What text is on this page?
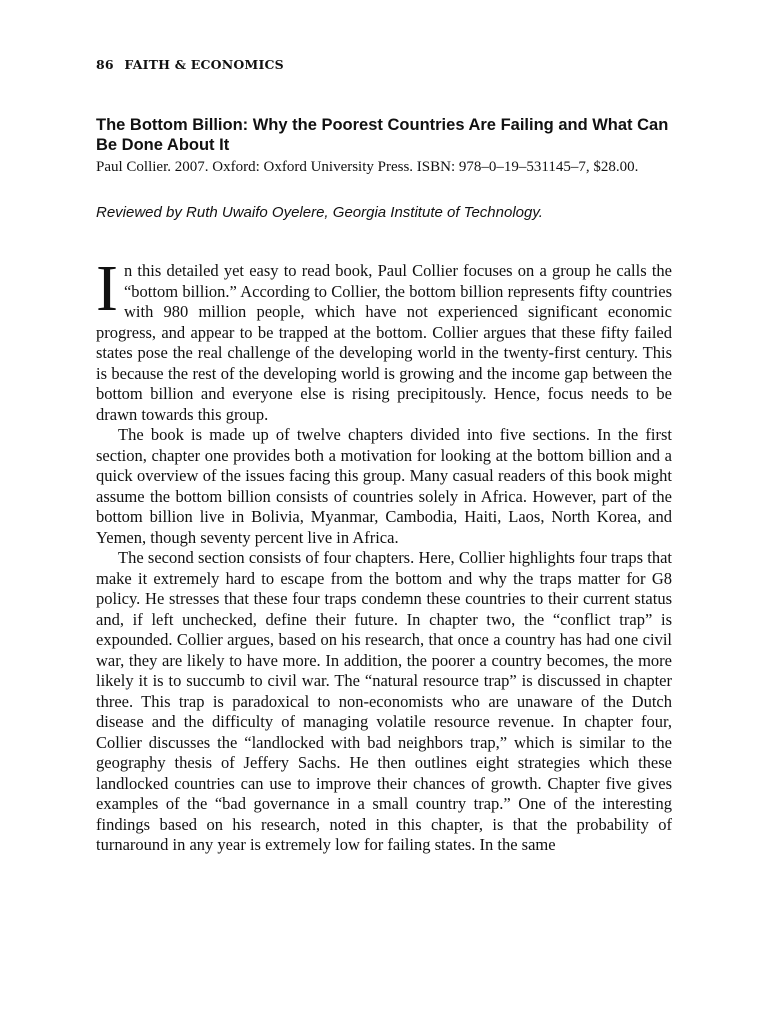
86 FAITH & ECONOMICS
The Bottom Billion: Why the Poorest Countries Are Failing and What Can Be Done About It
Paul Collier. 2007. Oxford: Oxford University Press. ISBN: 978–0–19–531145–7, $28.00.
Reviewed by Ruth Uwaifo Oyelere, Georgia Institute of Technology.

In this detailed yet easy to read book, Paul Collier focuses on a group he calls the “bottom billion.” According to Collier, the bottom billion represents fifty countries with 980 million people, which have not experienced significant economic progress, and appear to be trapped at the bottom. Collier argues that these fifty failed states pose the real challenge of the developing world in the twenty-first century. This is because the rest of the developing world is growing and the income gap between the bottom billion and everyone else is rising precipitously. Hence, focus needs to be drawn towards this group.

The book is made up of twelve chapters divided into five sections. In the first section, chapter one provides both a motivation for looking at the bottom billion and a quick overview of the issues facing this group. Many casual readers of this book might assume the bottom billion consists of countries solely in Africa. However, part of the bottom billion live in Bolivia, Myanmar, Cambodia, Haiti, Laos, North Korea, and Yemen, though seventy percent live in Africa.

The second section consists of four chapters. Here, Collier highlights four traps that make it extremely hard to escape from the bottom and why the traps matter for G8 policy. He stresses that these four traps condemn these countries to their current status and, if left unchecked, define their future. In chapter two, the “conflict trap” is expounded. Collier argues, based on his research, that once a country has had one civil war, they are likely to have more. In addition, the poorer a country becomes, the more likely it is to succumb to civil war. The “natural resource trap” is discussed in chapter three. This trap is paradoxical to non-economists who are unaware of the Dutch disease and the difficulty of managing volatile resource revenue. In chapter four, Collier discusses the “landlocked with bad neighbors trap,” which is similar to the geography thesis of Jeffery Sachs. He then outlines eight strategies which these landlocked countries can use to improve their chances of growth. Chapter five gives examples of the “bad governance in a small country trap.” One of the interesting findings based on his research, noted in this chapter, is that the probability of turnaround in any year is extremely low for failing states. In the same
